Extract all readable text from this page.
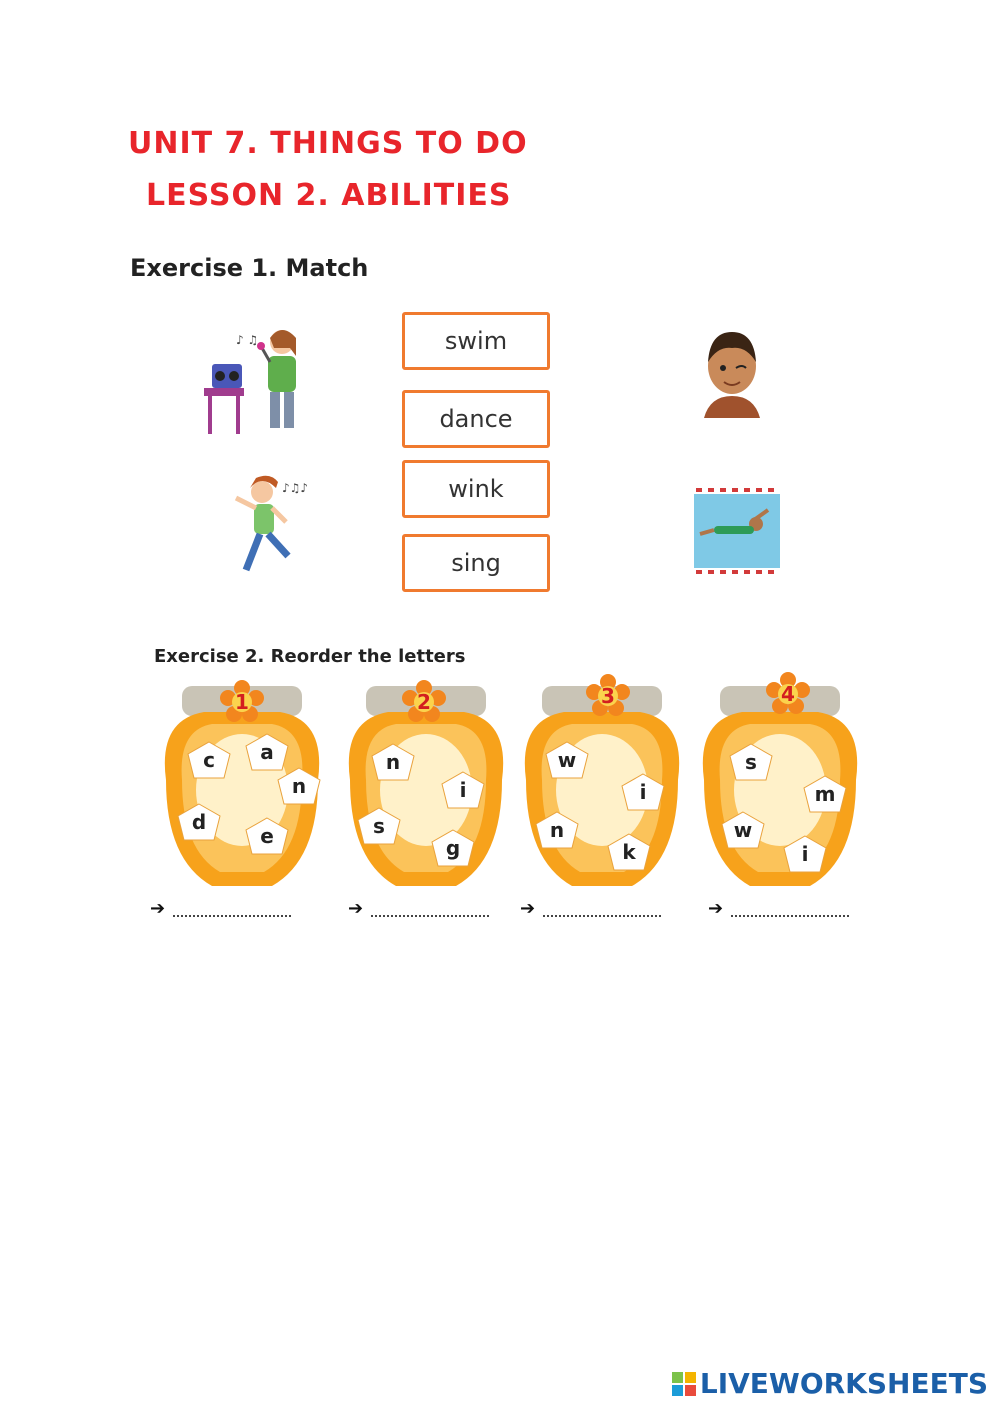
UNIT 7. THINGS TO DO
LESSON 2. ABILITIES
Exercise 1. Match
♪ ♫
♪♫♪
swim
dance
wink
sing
Exercise 2. Reorder the letters
1
c a
n
d
e
2
n
i
s
g
3
w
i
n
k
4
s
m
w
i
➔	➔	➔	➔
LIVEWORKSHEETS
